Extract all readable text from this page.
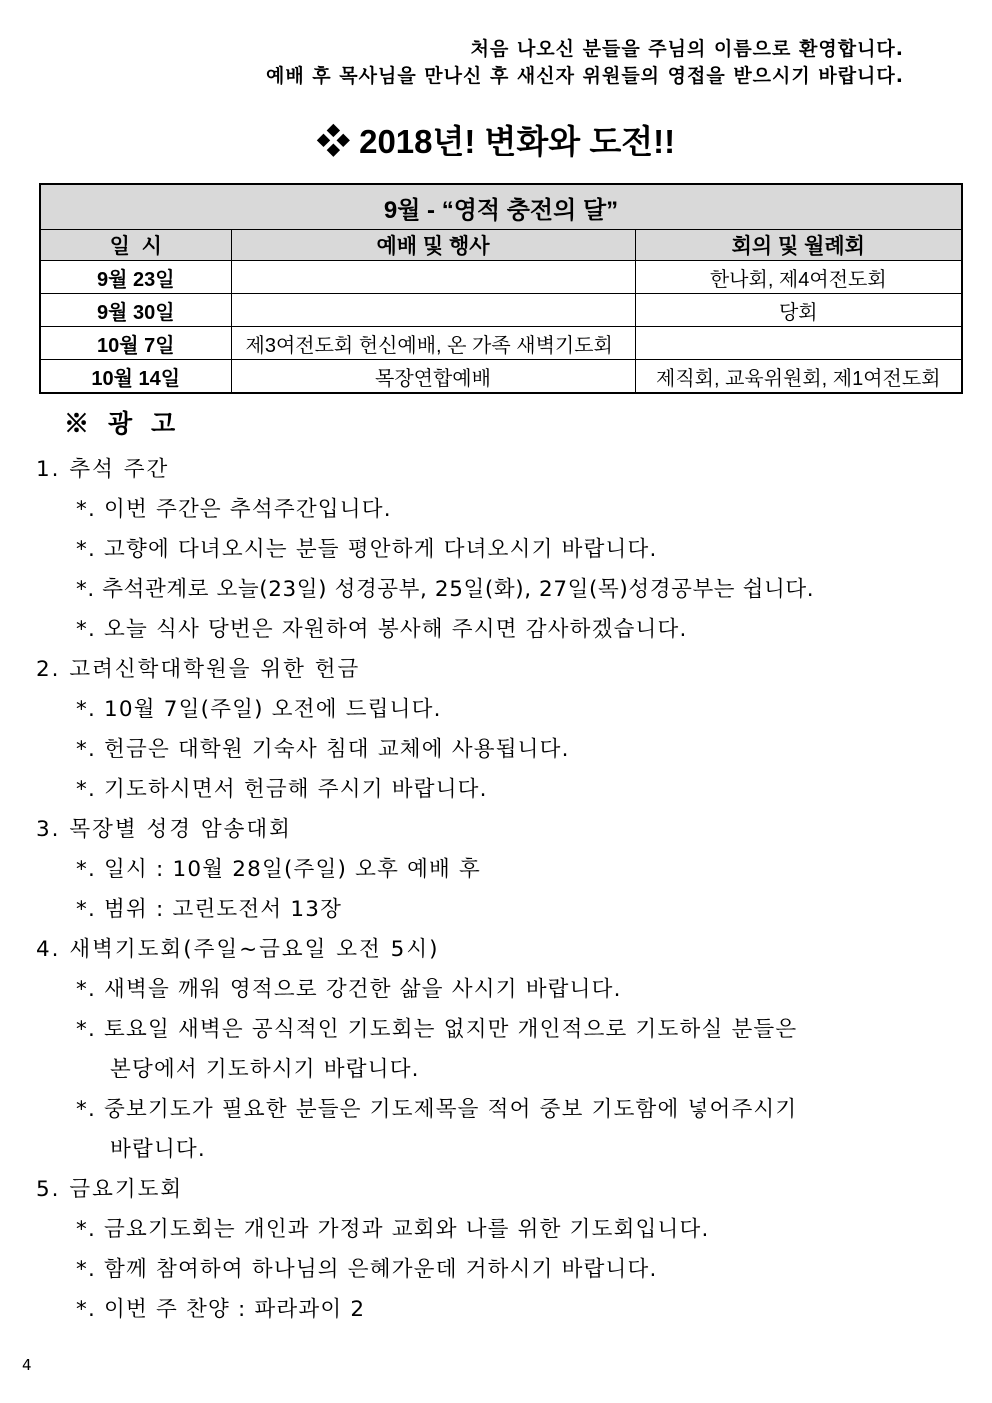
처음 나오신 분들을 주님의 이름으로 환영합니다.
예배 후 목사님을 만나신 후 새신자 위원들의 영접을 받으시기 바랍니다.
❖ 2018년! 변화와 도전!!
9월 - “영적 충전의 달”		
일  시	예배 및 행사	회의 및 월례회
9월 23일		한나회, 제4여전도회
9월 30일		당회
10월 7일	제3여전도회 헌신예배, 온 가족 새벽기도회	
10월 14일	목장연합예배	제직회, 교육위원회, 제1여전도회
※ 광 고
1. 추석 주간
*. 이번 주간은 추석주간입니다.
*. 고향에 다녀오시는 분들 평안하게 다녀오시기 바랍니다.
*. 추석관계로 오늘(23일) 성경공부, 25일(화), 27일(목)성경공부는 쉽니다.
*. 오늘 식사 당번은 자원하여 봉사해 주시면 감사하겠습니다.
2. 고려신학대학원을 위한 헌금
*. 10월 7일(주일) 오전에 드립니다.
*. 헌금은 대학원 기숙사 침대 교체에 사용됩니다.
*. 기도하시면서 헌금해 주시기 바랍니다.
3. 목장별 성경 암송대회
*. 일시 : 10월 28일(주일) 오후 예배 후
*. 범위 : 고린도전서 13장
4. 새벽기도회(주일~금요일 오전 5시)
*. 새벽을 깨워 영적으로 강건한 삶을 사시기 바랍니다.
*. 토요일 새벽은 공식적인 기도회는 없지만 개인적으로 기도하실 분들은
본당에서 기도하시기 바랍니다.
*. 중보기도가 필요한 분들은 기도제목을 적어 중보 기도함에 넣어주시기
바랍니다.
5. 금요기도회
*. 금요기도회는 개인과 가정과 교회와 나를 위한 기도회입니다.
*. 함께 참여하여 하나님의 은혜가운데 거하시기 바랍니다.
*. 이번 주 찬양 : 파라과이 2
4
